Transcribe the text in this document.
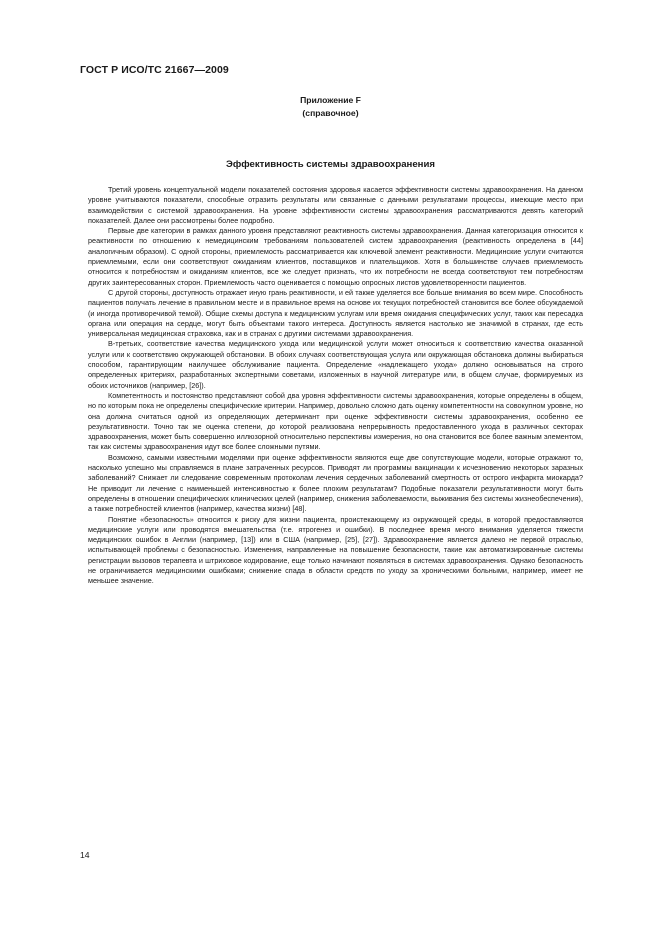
ГОСТ Р ИСО/ТС 21667—2009
Приложение F
(справочное)
Эффективность системы здравоохранения

Третий уровень концептуальной модели показателей состояния здоровья касается эффективности системы здравоохранения. На данном уровне учитываются показатели, способные отразить результаты или связанные с данными результатами процессы, имеющие место при взаимодействии с системой здравоохранения. На уровне эффективности системы здравоохранения рассматриваются девять категорий показателей. Далее они рассмотрены более подробно.

Первые две категории в рамках данного уровня представляют реактивность системы здравоохранения. Данная категоризация относится к реактивности по отношению к немедицинским требованиям пользователей систем здравоохранения (реактивность определена в [44] аналогичным образом). С одной стороны, приемлемость рассматривается как ключевой элемент реактивности. Медицинские услуги считаются приемлемыми, если они соответствуют ожиданиям клиентов, поставщиков и плательщиков. Хотя в большинстве случаев приемлемость относится к потребностям и ожиданиям клиентов, все же следует признать, что их потребности не всегда соответствуют тем потребностям других заинтересованных сторон. Приемлемость часто оценивается с помощью опросных листов удовлетворенности пациентов.

С другой стороны, доступность отражает иную грань реактивности, и ей также уделяется все больше внимания во всем мире. Способность пациентов получать лечение в правильном месте и в правильное время на основе их текущих потребностей становится все более обсуждаемой (и иногда противоречивой темой). Общие схемы доступа к медицинским услугам или время ожидания специфических услуг, таких как пересадка органа или операция на сердце, могут быть объектами такого интереса. Доступность является настолько же значимой в странах, где есть универсальная медицинская страховка, как и в странах с другими системами здравоохранения.

В-третьих, соответствие качества медицинского ухода или медицинской услуги может относиться к соответствию качества оказанной услуги или к соответствию окружающей обстановки. В обоих случаях соответствующая услуга или окружающая обстановка должны выбираться способом, гарантирующим наилучшее обслуживание пациента. Определение «надлежащего ухода» должно основываться на строго определенных критериях, разработанных экспертными советами, изложенных в научной литературе или, в общем случае, формируемых из обоих источников (например, [26]).

Компетентность и постоянство представляют собой два уровня эффективности системы здравоохранения, которые определены в общем, но по которым пока не определены специфические критерии. Например, довольно сложно дать оценку компетентности на совокупном уровне, но она должна считаться одной из определяющих детерминант при оценке эффективности системы здравоохранения, особенно ее результативности. Точно так же оценка степени, до которой реализована непрерывность предоставленного ухода в различных секторах здравоохранения, может быть совершенно иллюзорной относительно перспективы измерения, но она становится все более важным элементом, так как системы здравоохранения идут все более сложными путями.

Возможно, самыми известными моделями при оценке эффективности являются еще две сопутствующие модели, которые отражают то, насколько успешно мы справляемся в плане затраченных ресурсов. Приводят ли программы вакцинации к исчезновению некоторых заразных заболеваний? Снижает ли следование современным протоколам лечения сердечных заболеваний смертность от острого инфаркта миокарда? Не приводит ли лечение с наименьшей интенсивностью к более плохим результатам? Подобные показатели результативности могут быть определены в отношении специфических клинических целей (например, снижения заболеваемости, выживания без системы жизнеобеспечения), а также потребностей клиентов (например, качества жизни) [48].

Понятие «безопасность» относится к риску для жизни пациента, проистекающему из окружающей среды, в которой предоставляются медицинские услуги или проводятся вмешательства (т.е. ятрогенез и ошибки). В последнее время много внимания уделяется тяжести медицинских ошибок в Англии (например, [13]) или в США (например, [25], [27]). Здравоохранение является далеко не первой отраслью, испытывающей проблемы с безопасностью. Изменения, направленные на повышение безопасности, такие как автоматизированные системы регистрации вызовов терапевта и штриховое кодирование, еще только начинают появляться в системах здравоохранения. Однако безопасность не ограничивается медицинскими ошибками; снижение спада в области средств по уходу за хроническими больными, например, имеет не меньшее значение.

14
